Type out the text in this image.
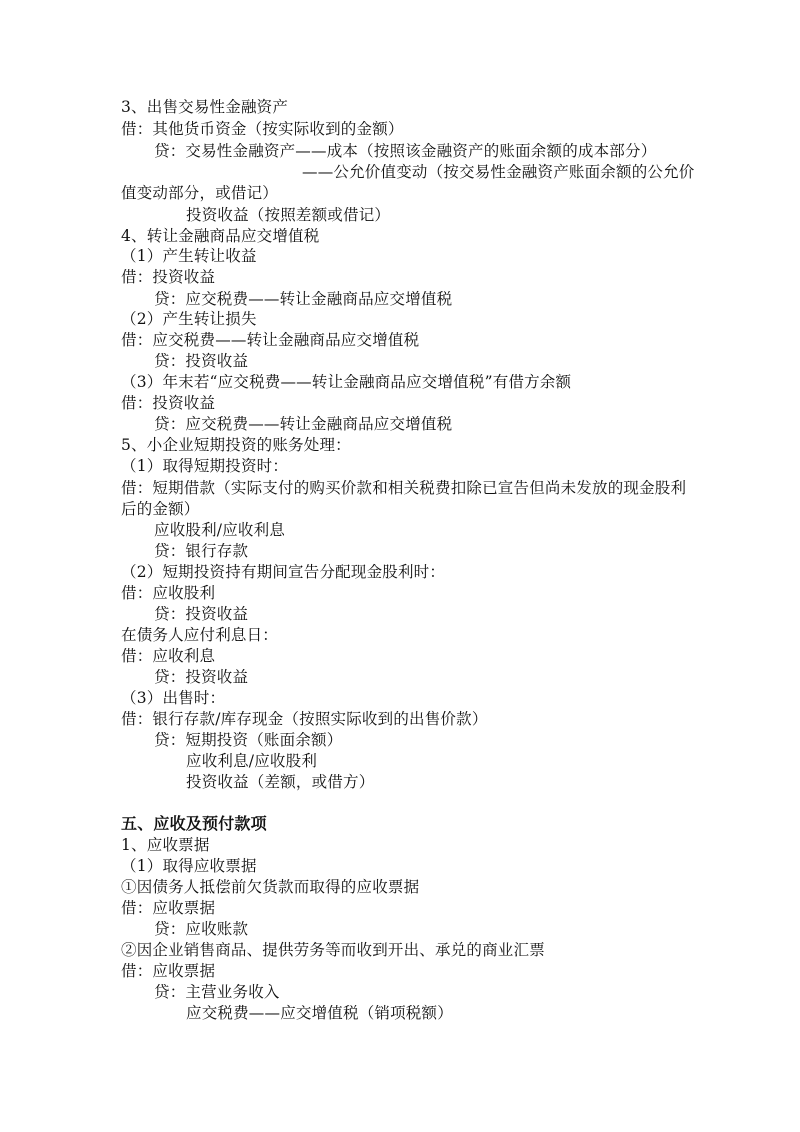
3、出售交易性金融资产
借：其他货币资金（按实际收到的金额）
贷：交易性金融资产——成本（按照该金融资产的账面余额的成本部分）
——公允价值变动（按交易性金融资产账面余额的公允价
值变动部分，或借记）
投资收益（按照差额或借记）
4、转让金融商品应交增值税
（1）产生转让收益
借：投资收益
贷：应交税费——转让金融商品应交增值税
（2）产生转让损失
借：应交税费——转让金融商品应交增值税
贷：投资收益
（3）年末若“应交税费——转让金融商品应交增值税”有借方余额
借：投资收益
贷：应交税费——转让金融商品应交增值税
5、小企业短期投资的账务处理：
（1）取得短期投资时：
借：短期借款（实际支付的购买价款和相关税费扣除已宣告但尚未发放的现金股利
后的金额）
应收股利/应收利息
贷：银行存款
（2）短期投资持有期间宣告分配现金股利时：
借：应收股利
贷：投资收益
在债务人应付利息日：
借：应收利息
贷：投资收益
（3）出售时：
借：银行存款/库存现金（按照实际收到的出售价款）
贷：短期投资（账面余额）
应收利息/应收股利
投资收益（差额，或借方）
五、应收及预付款项
1、应收票据
（1）取得应收票据
①因债务人抵偿前欠货款而取得的应收票据
借：应收票据
贷：应收账款
②因企业销售商品、提供劳务等而收到开出、承兑的商业汇票
借：应收票据
贷：主营业务收入
应交税费——应交增值税（销项税额）
